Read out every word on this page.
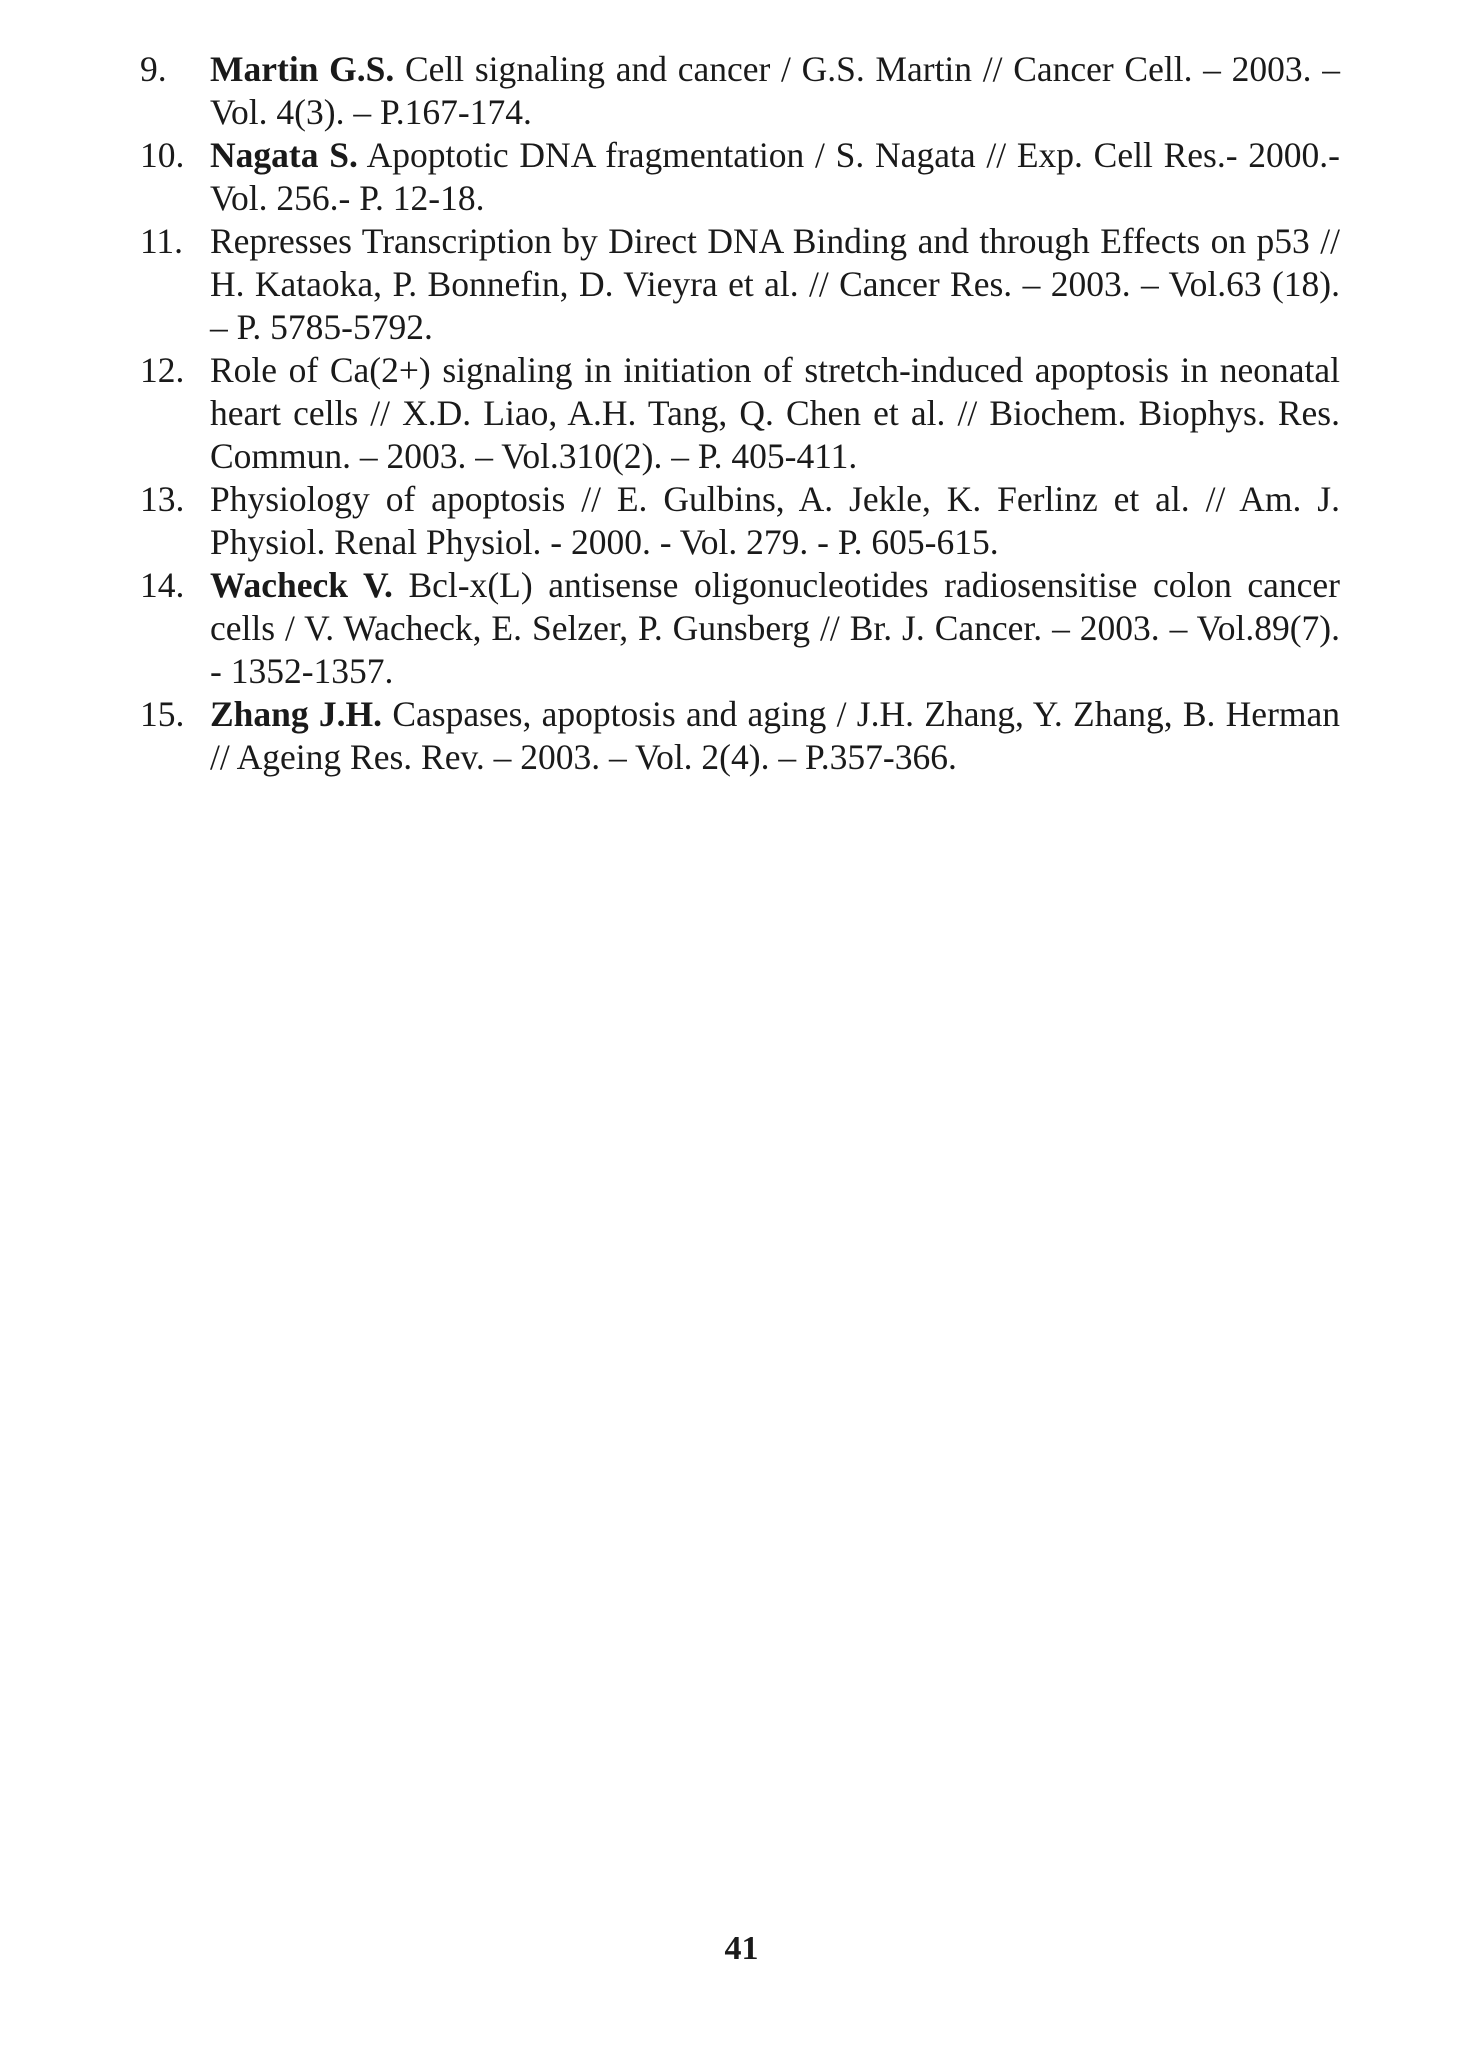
9.	Martin G.S. Cell signaling and cancer / G.S. Martin // Cancer Cell. – 2003. – Vol. 4(3). – P.167-174.
10. Nagata S. Apoptotic DNA fragmentation / S. Nagata // Exp. Cell Res.- 2000.- Vol. 256.- P. 12-18.
11. Represses Transcription by Direct DNA Binding and through Effects on p53 // H. Kataoka, P. Bonnefin, D. Vieyra et al. // Cancer Res. – 2003. – Vol.63 (18). – P. 5785-5792.
12. Role of Ca(2+) signaling in initiation of stretch-induced apoptosis in neonatal heart cells // X.D. Liao, A.H. Tang, Q. Chen et al. // Biochem. Biophys. Res. Commun. – 2003. – Vol.310(2). – P. 405-411.
13. Physiology of apoptosis // E. Gulbins, A. Jekle, K. Ferlinz et al. // Am. J. Physiol. Renal Physiol. - 2000. - Vol. 279. - P. 605-615.
14. Wacheck V. Bcl-x(L) antisense oligonucleotides radiosensitise colon cancer cells / V. Wacheck, E. Selzer, P. Gunsberg // Br. J. Cancer. – 2003. – Vol.89(7). - 1352-1357.
15. Zhang J.H. Caspases, apoptosis and aging / J.H. Zhang, Y. Zhang, B. Herman // Ageing Res. Rev. – 2003. – Vol. 2(4). – P.357-366.
41
